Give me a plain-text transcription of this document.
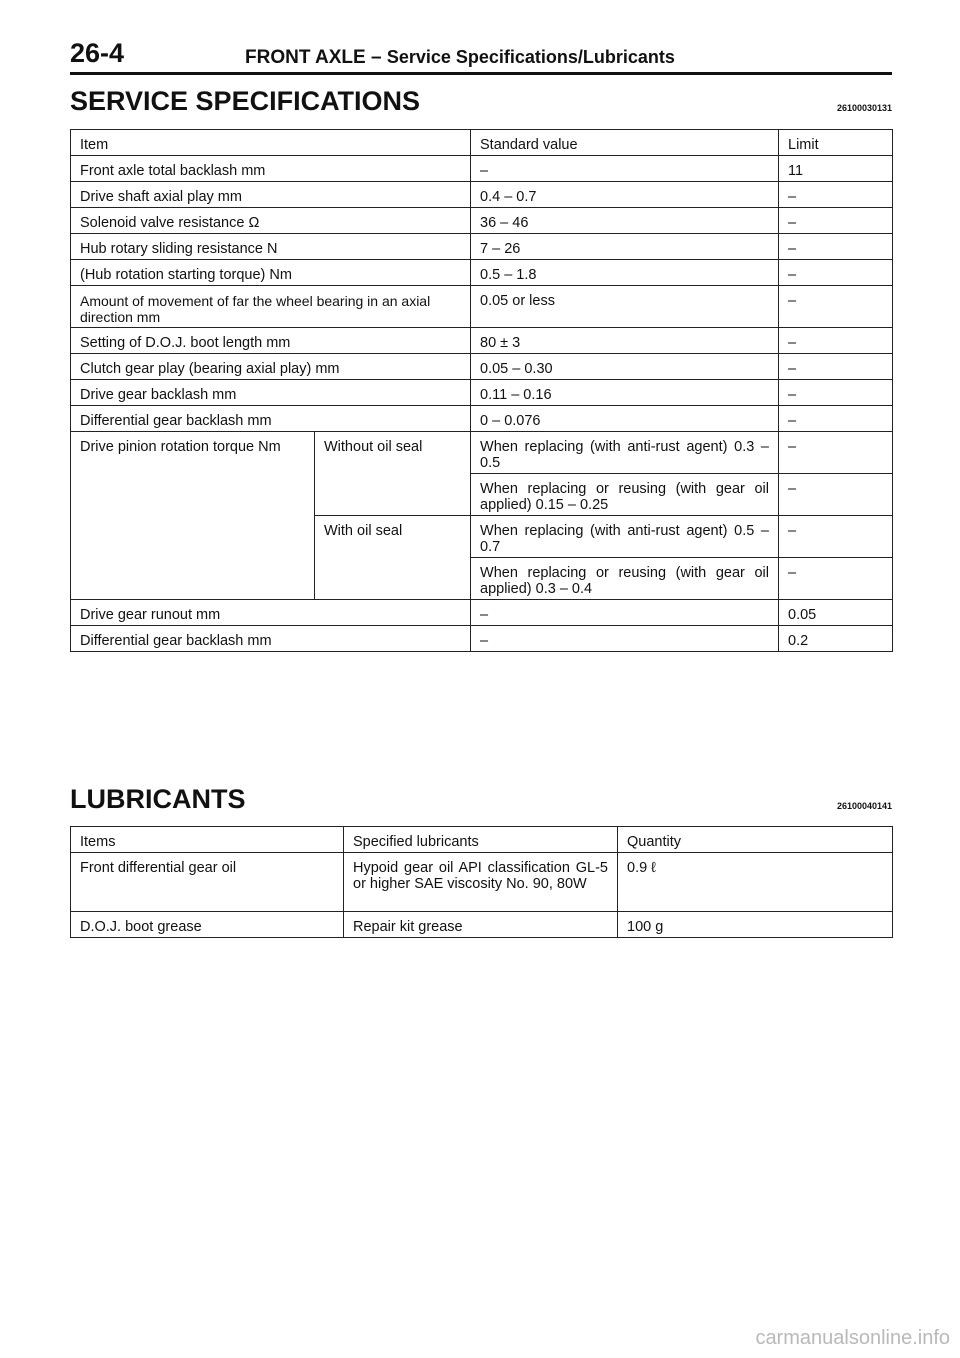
26-4	FRONT AXLE – Service Specifications/Lubricants
SERVICE SPECIFICATIONS	26100030131
Item		Standard value	Limit
Front axle total backlash mm		–	11
Drive shaft axial play mm		0.4 – 0.7	–
Solenoid valve resistance Ω		36 – 46	–
Hub rotary sliding resistance N		7 – 26	–
(Hub rotation starting torque) Nm		0.5 – 1.8	–
Amount of movement of far the wheel bearing in an axial direction mm		0.05 or less	–
Setting of D.O.J. boot length mm		80 ± 3	–
Clutch gear play (bearing axial play) mm		0.05 – 0.30	–
Drive gear backlash mm		0.11 – 0.16	–
Differential gear backlash mm		0 – 0.076	–
Drive pinion rotation torque Nm	Without oil seal	When replacing (with anti-rust agent) 0.3 – 0.5	–
		When replacing or reusing (with gear oil applied) 0.15 – 0.25	–
	With oil seal	When replacing (with anti-rust agent) 0.5 – 0.7	–
		When replacing or reusing (with gear oil applied) 0.3 – 0.4	–
Drive gear runout mm		–	0.05
Differential gear backlash mm		–	0.2
LUBRICANTS	26100040141
Items	Specified lubricants	Quantity
Front differential gear oil	Hypoid gear oil API classification GL-5 or higher SAE viscosity No. 90, 80W	0.9 ℓ
D.O.J. boot grease	Repair kit grease	100 g
carmanualsonline.info
